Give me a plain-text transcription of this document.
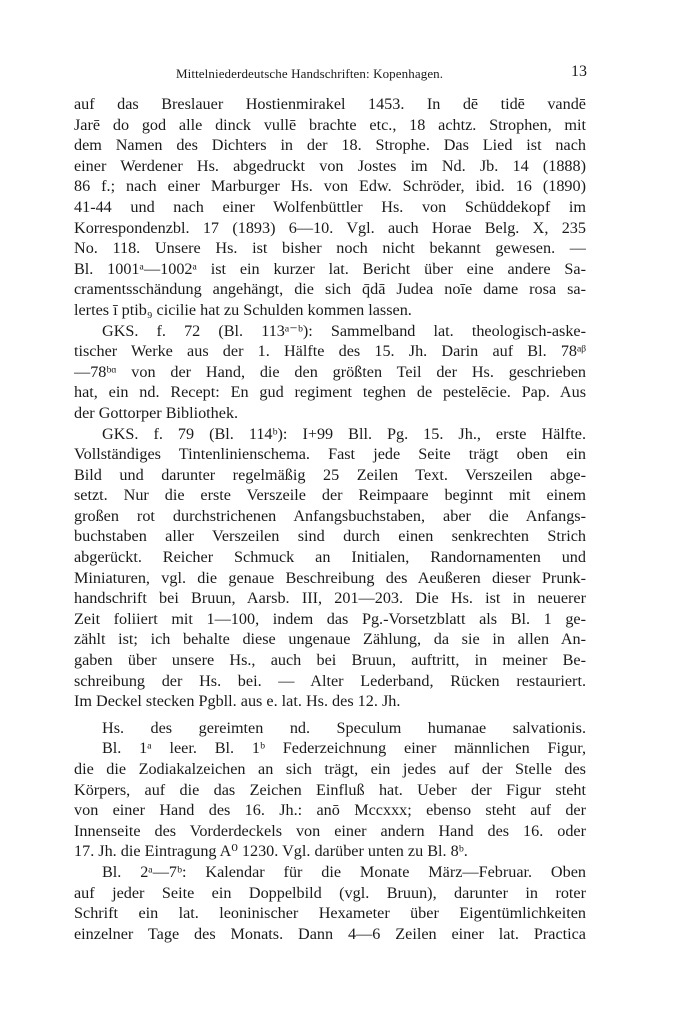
Mittelniederdeutsche Handschriften: Kopenhagen.	13
auf das Breslauer Hostienmirakel 1453. In dē tidē vandē
Jarē do god alle dinck vullē brachte etc., 18 achtz. Strophen, mit
dem Namen des Dichters in der 18. Strophe. Das Lied ist nach
einer Werdener Hs. abgedruckt von Jostes im Nd. Jb. 14 (1888)
86 f.; nach einer Marburger Hs. von Edw. Schröder, ibid. 16 (1890)
41-44 und nach einer Wolfenbüttler Hs. von Schüddekopf im
Korrespondenzbl. 17 (1893) 6—10. Vgl. auch Horae Belg. X, 235
No. 118. Unsere Hs. ist bisher noch nicht bekannt gewesen. —
Bl. 1001ᵃ—1002ᵃ ist ein kurzer lat. Bericht über eine andere Sa-
cramentsschändung angehängt, die sich q̄dā Judea noīe dame rosa sa-
lertes ī ptib₉ cicilie hat zu Schulden kommen lassen.
GKS. f. 72 (Bl. 113ᵃ⁻ᵇ): Sammelband lat. theologisch-aske-
tischer Werke aus der 1. Hälfte des 15. Jh. Darin auf Bl. 78ᵃᵝ
—78ᵇᵅ von der Hand, die den größten Teil der Hs. geschrieben
hat, ein nd. Recept: En gud regiment teghen de pestelēcie. Pap. Aus
der Gottorper Bibliothek.
GKS. f. 79 (Bl. 114ᵇ): I+99 Bll. Pg. 15. Jh., erste Hälfte.
Vollständiges Tintenlinienschema. Fast jede Seite trägt oben ein
Bild und darunter regelmäßig 25 Zeilen Text. Verszeilen abge-
setzt. Nur die erste Verszeile der Reimpaare beginnt mit einem
großen rot durchstrichenen Anfangsbuchstaben, aber die Anfangs-
buchstaben aller Verszeilen sind durch einen senkrechten Strich
abgerückt. Reicher Schmuck an Initialen, Randornamenten und
Miniaturen, vgl. die genaue Beschreibung des Aeußeren dieser Prunk-
handschrift bei Bruun, Aarsb. III, 201—203. Die Hs. ist in neuerer
Zeit foliiert mit 1—100, indem das Pg.-Vorsetzblatt als Bl. 1 ge-
zählt ist; ich behalte diese ungenaue Zählung, da sie in allen An-
gaben über unsere Hs., auch bei Bruun, auftritt, in meiner Be-
schreibung der Hs. bei. — Alter Lederband, Rücken restauriert.
Im Deckel stecken Pgbll. aus e. lat. Hs. des 12. Jh.
Hs. des gereimten nd. Speculum humanae salvationis.
Bl. 1ᵃ leer. Bl. 1ᵇ Federzeichnung einer männlichen Figur,
die die Zodiakalzeichen an sich trägt, ein jedes auf der Stelle des
Körpers, auf die das Zeichen Einfluß hat. Ueber der Figur steht
von einer Hand des 16. Jh.: anō Mccxxx; ebenso steht auf der
Innenseite des Vorderdeckels von einer andern Hand des 16. oder
17. Jh. die Eintragung A⁰ 1230. Vgl. darüber unten zu Bl. 8ᵇ.
Bl. 2ᵃ—7ᵇ: Kalendar für die Monate März—Februar. Oben
auf jeder Seite ein Doppelbild (vgl. Bruun), darunter in roter
Schrift ein lat. leoninischer Hexameter über Eigentümlichkeiten
einzelner Tage des Monats. Dann 4—6 Zeilen einer lat. Practica
